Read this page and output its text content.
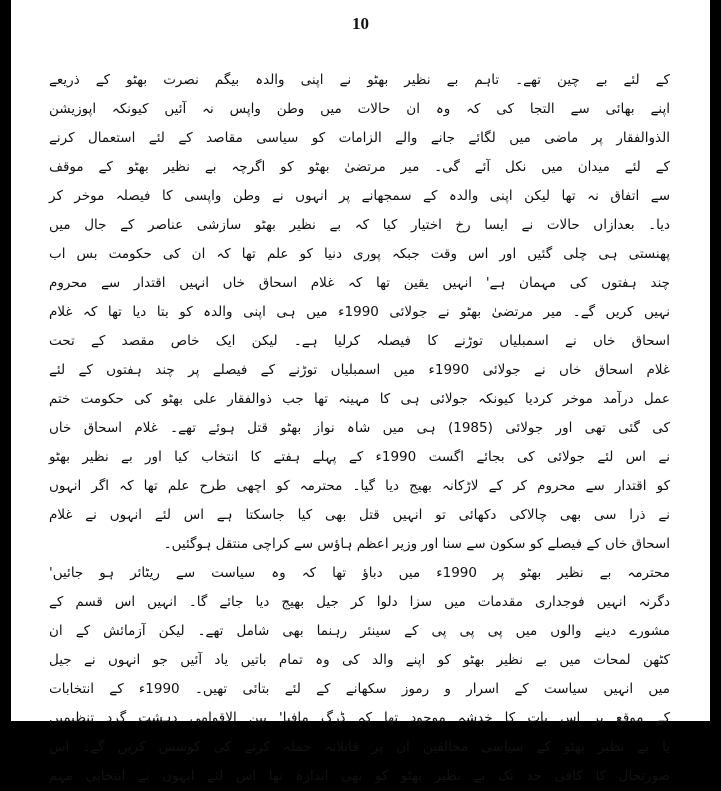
10
کے لئے بے چین تھے۔ تاہم بے نظیر بھٹو نے اپنی والدہ بیگم نصرت بھٹو کے ذریعے
اپنے بھائی سے التجا کی کہ وہ ان حالات میں وطن واپس نہ آئیں کیونکہ اپوزیشن
الذوالفقار پر ماضی میں لگائے جانے والے الزامات کو سیاسی مقاصد کے لئے استعمال کرنے
کے لئے میدان میں نکل آئے گی۔ میر مرتضیٰ بھٹو کو اگرچہ بے نظیر بھٹو کے موقف
سے اتفاق نہ تھا لیکن اپنی والدہ کے سمجھانے پر انہوں نے وطن واپسی کا فیصلہ موخر کر
دیا۔ بعدازاں حالات نے ایسا رخ اختیار کیا کہ بے نظیر بھٹو سازشی عناصر کے جال میں
پھنستی ہی چلی گئیں اور اس وقت جبکہ پوری دنیا کو علم تھا کہ ان کی حکومت بس اب
چند ہفتوں کی مہمان ہے' انہیں یقین تھا کہ غلام اسحاق خاں انہیں اقتدار سے محروم
نہیں کریں گے۔ میر مرتضیٰ بھٹو نے جولائی 1990ء میں ہی اپنی والدہ کو بتا دیا تھا کہ غلام
اسحاق خاں نے اسمبلیاں توڑنے کا فیصلہ کرلیا ہے۔ لیکن ایک خاص مقصد کے تحت
غلام اسحاق خاں نے جولائی 1990ء میں اسمبلیاں توڑنے کے فیصلے پر چند ہفتوں کے لئے
عمل درآمد موخر کردیا کیونکہ جولائی ہی کا مہینہ تھا جب ذوالفقار علی بھٹو کی حکومت ختم
کی گئی تھی اور جولائی (1985) ہی میں شاہ نواز بھٹو قتل ہوئے تھے۔ غلام اسحاق خاں
نے اس لئے جولائی کی بجائے اگست 1990ء کے پہلے ہفتے کا انتخاب کیا اور بے نظیر بھٹو
کو اقتدار سے محروم کر کے لاڑکانہ بھیج دیا گیا۔ محترمہ کو اچھی طرح علم تھا کہ اگر انہوں
نے ذرا سی بھی چالاکی دکھائی تو انہیں قتل بھی کیا جاسکتا ہے اس لئے انہوں نے غلام
اسحاق خاں کے فیصلے کو سکون سے سنا اور وزیر اعظم ہاؤس سے کراچی منتقل ہوگئیں۔
محترمہ بے نظیر بھٹو پر 1990ء میں دباؤ تھا کہ وہ سیاست سے ریٹائر ہو جائیں'
دگرنہ انہیں فوجداری مقدمات میں سزا دلوا کر جیل بھیج دیا جائے گا۔ انہیں اس قسم کے
مشورے دینے والوں میں پی پی پی کے سینئر رہنما بھی شامل تھے۔ لیکن آزمائش کے ان
کٹھن لمحات میں بے نظیر بھٹو کو اپنے والد کی وہ تمام باتیں یاد آئیں جو انہوں نے جیل
میں انہیں سیاست کے اسرار و رموز سکھانے کے لئے بتائی تھیں۔ 1990ء کے انتخابات
کے موقع پر اس بات کا خدشہ موجود تھا کہ ڈرگ مافیا' بین الاقوامی دہشت گرد تنظیمیں
یا بے نظیر بھٹو کے سیاسی مخالفین ان پر قاتلانہ حملہ کرنے کی کوشش کریں گے۔ اس
صورتحال کا کافی حد تک بے نظیر بھٹو کو بھی اندازہ تھا اس لئے انہوں نے انتخابی مہم
